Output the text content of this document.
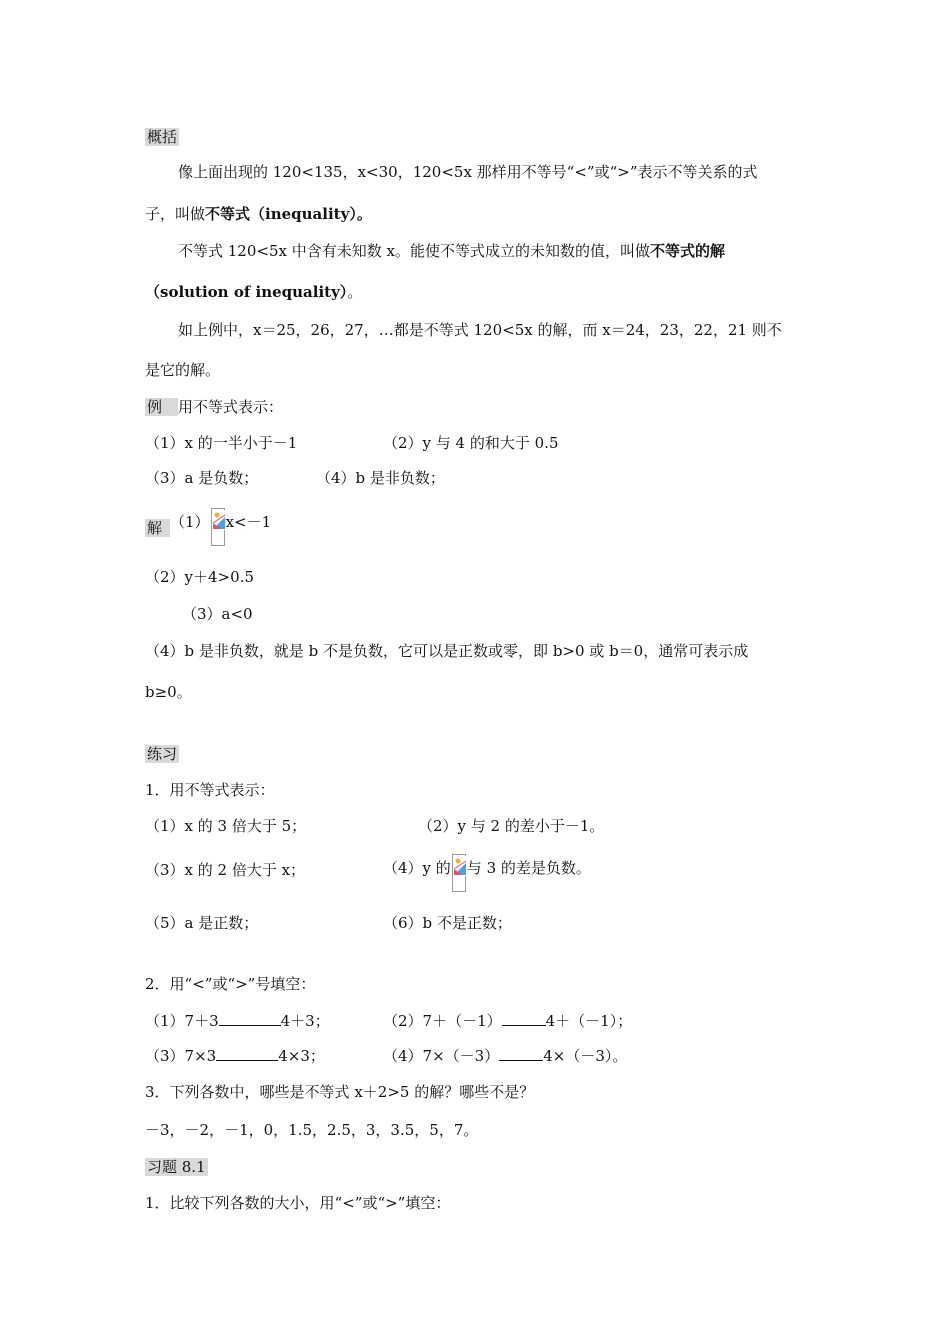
概括
像上面出现的 120<135，x<30，120<5x 那样用不等号“<”或“>”表示不等关系的式
子，叫做不等式（inequality）。
不等式 120<5x 中含有未知数 x。能使不等式成立的未知数的值，叫做不等式的解
（solution of inequality）。
如上例中，x＝25，26，27，…都是不等式 120<5x 的解，而 x＝24，23，22，21 则不
是它的解。
例 用不等式表示：
（1）x 的一半小于－1	（2）y 与 4 的和大于 0.5
（3）a 是负数；	（4）b 是非负数；
解 （1） x<－1
（2）y＋4>0.5
（3）a<0
（4）b 是非负数，就是 b 不是负数，它可以是正数或零，即 b>0 或 b＝0，通常可表示成
b≥0。
练习
1．用不等式表示：
（1）x 的 3 倍大于 5；	（2）y 与 2 的差小于－1。
（3）x 的 2 倍大于 x；	（4）y 的 与 3 的差是负数。
（5）a 是正数；	（6）b 不是正数；
2．用“<”或“>”号填空：
（1）7＋3	4＋3；	（2）7＋（－1）	4＋（－1）；
（3）7×3	4×3；	（4）7×（－3）	4×（－3）。
3．下列各数中，哪些是不等式 x＋2>5 的解？哪些不是？
－3，－2，－1，0，1.5，2.5，3，3.5，5，7。
习题 8.1
1．比较下列各数的大小，用“<”或“>”填空：
